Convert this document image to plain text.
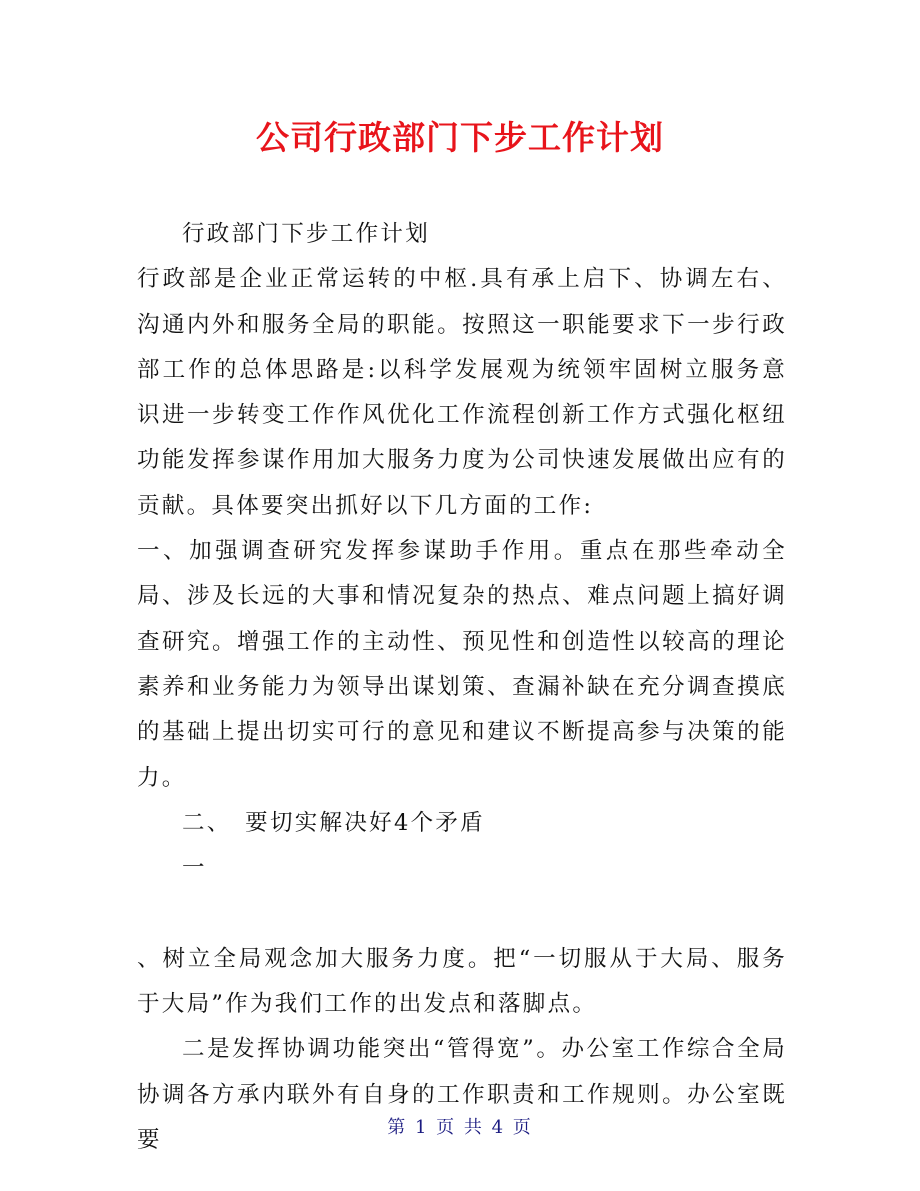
公司行政部门下步工作计划

行政部门下步工作计划

行政部是企业正常运转的中枢.具有承上启下、协调左右、沟通内外和服务全局的职能。按照这一职能要求下一步行政部工作的总体思路是:以科学发展观为统领牢固树立服务意识进一步转变工作作风优化工作流程创新工作方式强化枢纽功能发挥参谋作用加大服务力度为公司快速发展做出应有的贡献。具体要突出抓好以下几方面的工作:

一、加强调查研究发挥参谋助手作用。重点在那些牵动全局、涉及长远的大事和情况复杂的热点、难点问题上搞好调查研究。增强工作的主动性、预见性和创造性以较高的理论素养和业务能力为领导出谋划策、查漏补缺在充分调查摸底的基础上提出切实可行的意见和建议不断提高参与决策的能力。

二、　要切实解决好4个矛盾

一

、树立全局观念加大服务力度。把“一切服从于大局、服务于大局”作为我们工作的出发点和落脚点。

二是发挥协调功能突出“管得宽”。办公室工作综合全局协调各方承内联外有自身的工作职责和工作规则。办公室既要	第 1 页 共 4 页
